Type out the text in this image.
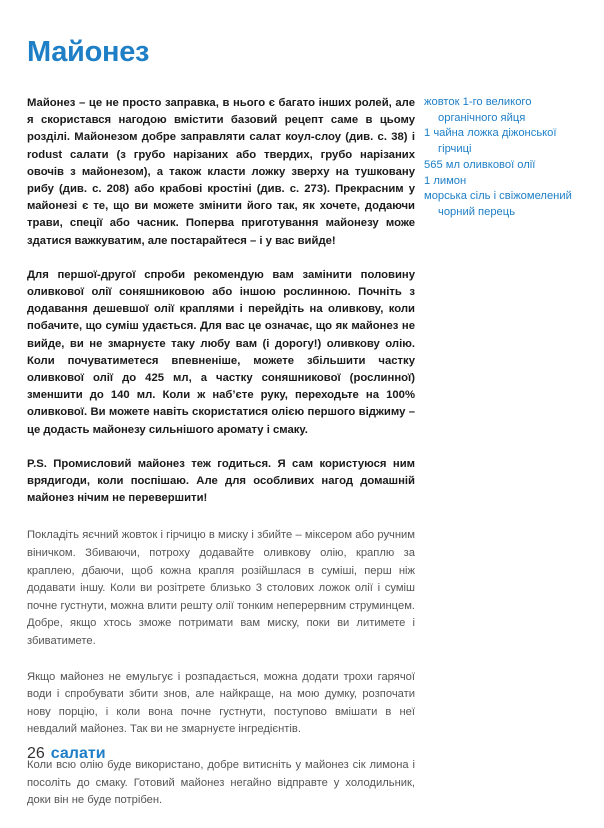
Майонез

Майонез – це не просто заправка, в нього є багато інших ролей, але я скористався нагодою вмістити базовий рецепт саме в цьому розділі. Майонезом добре заправляти салат коул-слоу (див. с. 38) і rodust салати (з грубо нарізаних або твердих, грубо нарізаних овочів з майонезом), а також класти ложку зверху на тушковану рибу (див. с. 208) або крабові кростіні (див. с. 273). Прекрасним у майонезі є те, що ви можете змінити його так, як хочете, додаючи трави, спеції або часник. Поперва приготування майонезу може здатися важкуватим, але постарайтеся – і у вас вийде!

Для першої-другої спроби рекомендую вам замінити половину оливкової олії соняшниковою або іншою рослинною. Почніть з додавання дешевшої олії краплями і перейдіть на оливкову, коли побачите, що суміш удається. Для вас це означає, що як майонез не вийде, ви не змарнуєте таку любу вам (і дорогу!) оливкову олію. Коли почуватиметеся впевненіше, можете збільшити частку оливкової олії до 425 мл, а частку соняшникової (рослинної) зменшити до 140 мл. Коли ж наб’єте руку, переходьте на 100% оливкової. Ви можете навіть скористатися олією першого віджиму – це додасть майонезу сильнішого аромату і смаку.

P.S. Промисловий майонез теж годиться. Я сам користуюся ним врядигоди, коли поспішаю. Але для особливих нагод домашній майонез нічим не перевершити!

Покладіть яєчний жовток і гірчицю в миску і збийте – міксером або ручним віничком. Збиваючи, потроху додавайте оливкову олію, краплю за краплею, дбаючи, щоб кожна крапля розійшлася в суміші, перш ніж додавати іншу. Коли ви розітрете близько 3 столових ложок олії і суміш почне густнути, можна влити решту олії тонким неперервним струминцем. Добре, якщо хтось зможе потримати вам миску, поки ви литимете і збиватимете.

Якщо майонез не емульгує і розпадається, можна додати трохи гарячої води і спробувати збити знов, але найкраще, на мою думку, розпочати нову порцію, і коли вона почне густнути, поступово вмішати в неї невдалий майонез. Так ви не змарнуєте інгредієнтів.

Коли всю олію буде використано, добре витисніть у майонез сік лимона і посоліть до смаку. Готовий майонез негайно відправте у холодильник, доки він не буде потрібен.

жовток 1-го великого органічного яйця
1 чайна ложка діжонської гірчиці
565 мл оливкової олії
1 лимон
морська сіль і свіжомелений чорний перець
26 салати
